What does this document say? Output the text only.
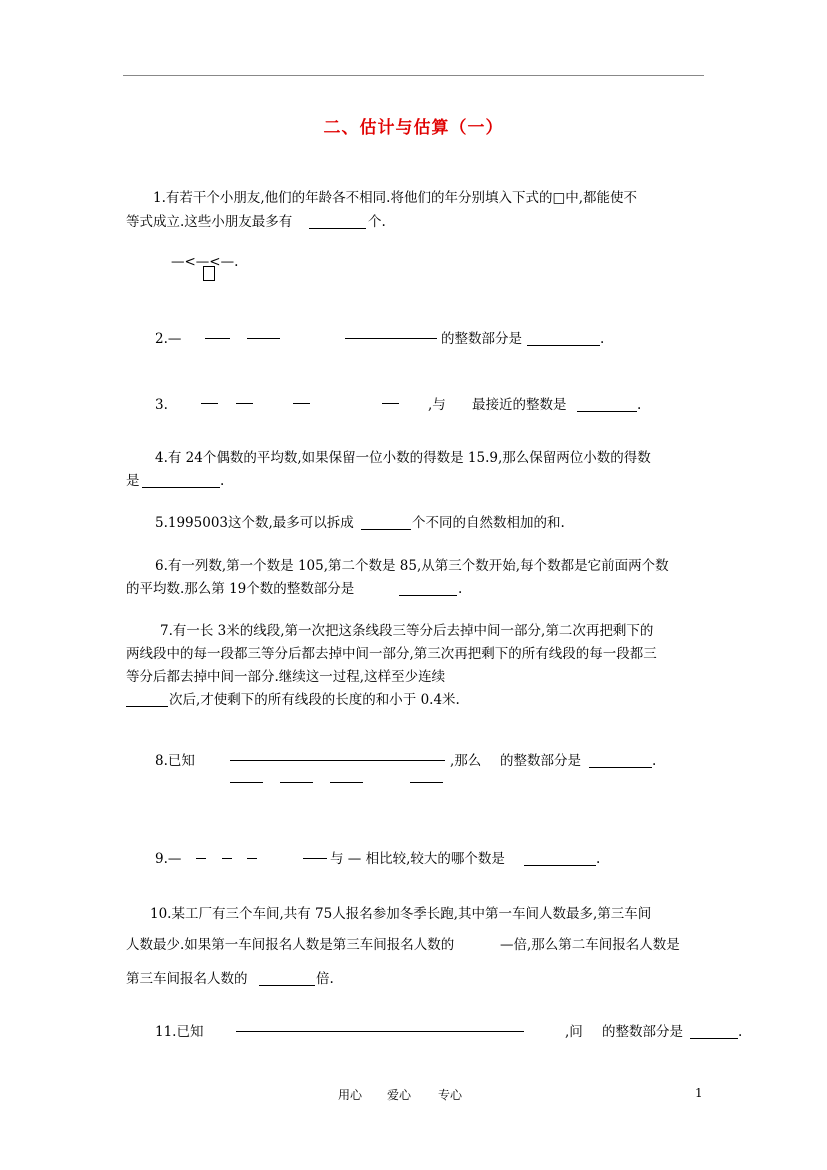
二、估计与估算（一）
1.有若干个小朋友,他们的年龄各不相同.将他们的年分别填入下式的□中,都能使不
等式成立.这些小朋友最多有	个.
—<—<—.
2.—	的整数部分是	.
3.	,与 最接近的整数是	.
4.有 24个偶数的平均数,如果保留一位小数的得数是 15.9,那么保留两位小数的得数
是	.
5.1995003这个数,最多可以拆成	个不同的自然数相加的和.
6.有一列数,第一个数是 105,第二个数是 85,从第三个数开始,每个数都是它前面两个数
的平均数.那么第 19个数的整数部分是	.
7.有一长 3米的线段,第一次把这条线段三等分后去掉中间一部分,第二次再把剩下的
两线段中的每一段都三等分后都去掉中间一部分,第三次再把剩下的所有线段的每一段都三
等分后都去掉中间一部分.继续这一过程,这样至少连续
次后,才使剩下的所有线段的长度的和小于 0.4米.
8.已知	,那么 的整数部分是	.
9.—	与 — 相比较,较大的哪个数是	.
10.某工厂有三个车间,共有 75人报名参加冬季长跑,其中第一车间人数最多,第三车间
人数最少.如果第一车间报名人数是第三车间报名人数的	—倍,那么第二车间报名人数是
第三车间报名人数的	倍.
11.已知	,问 的整数部分是	.
用心 爱心 专心	1
